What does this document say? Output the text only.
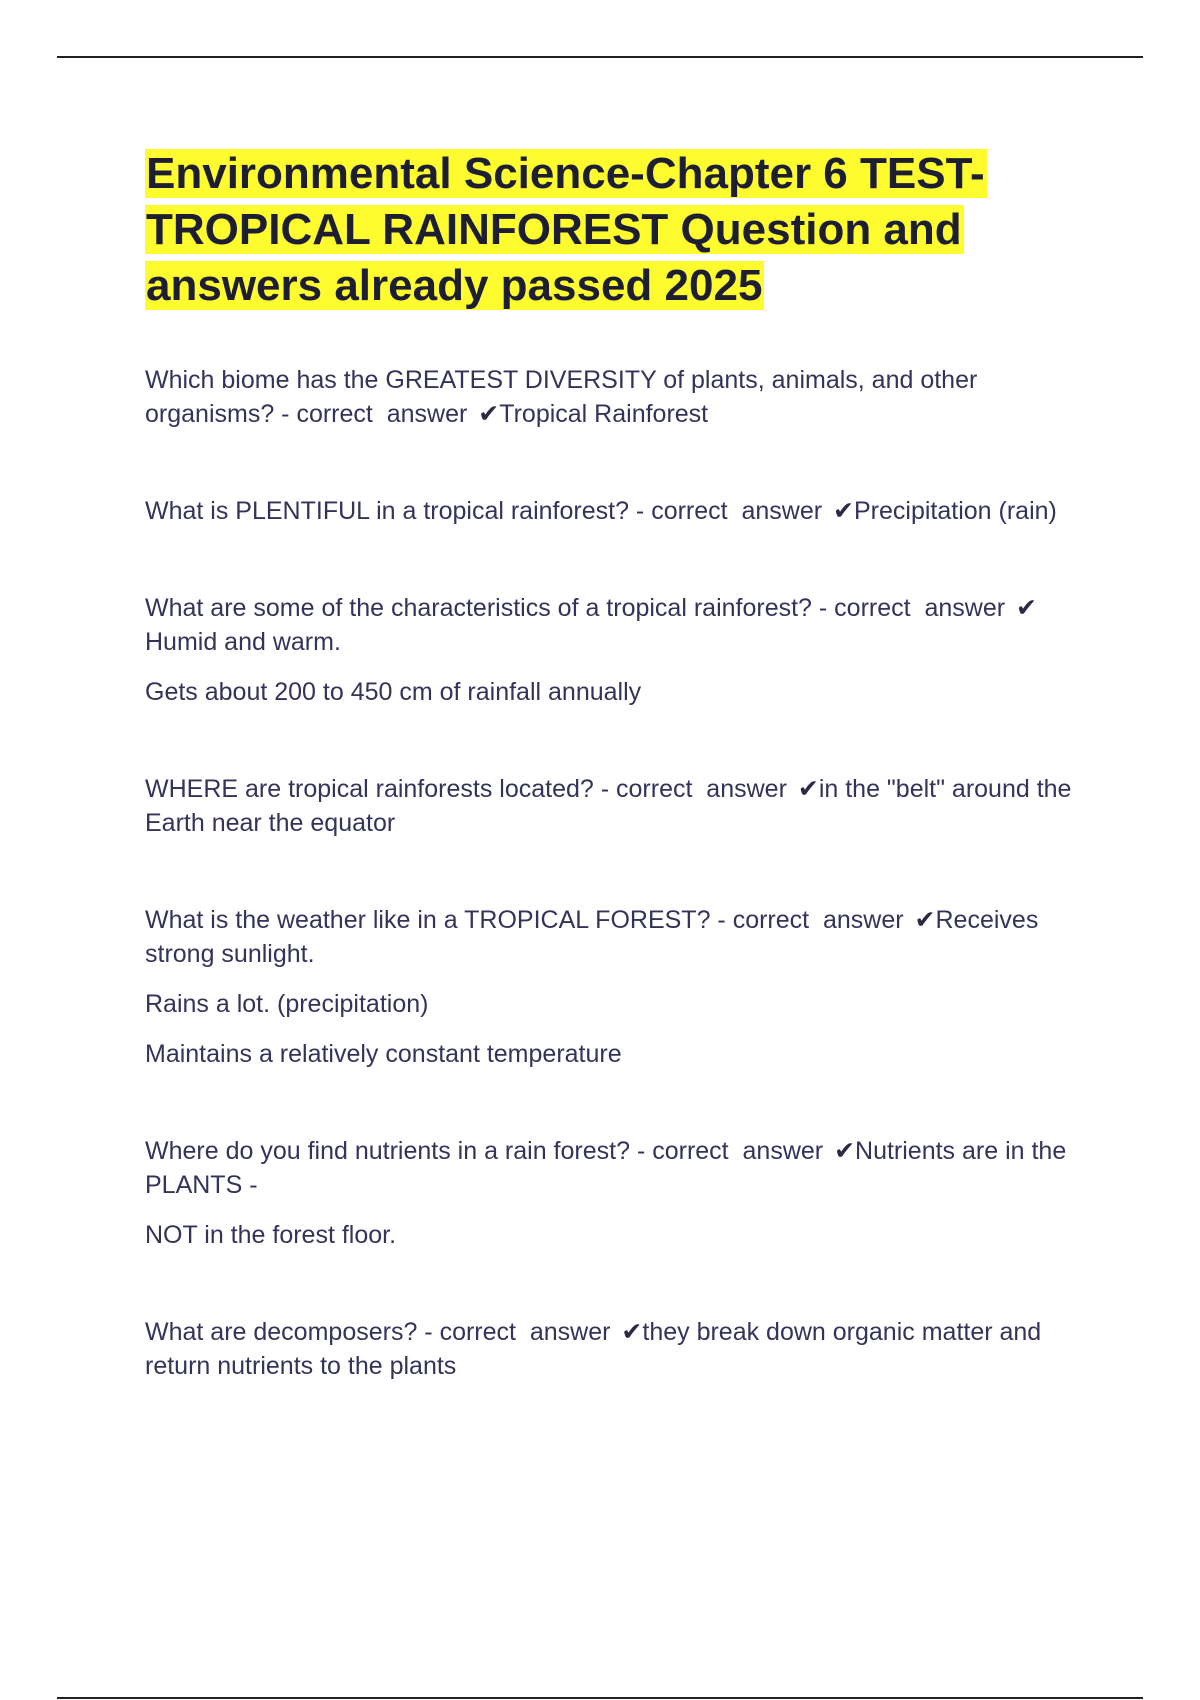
Environmental Science-Chapter 6 TEST-TROPICAL RAINFOREST Question and answers already passed 2025

Which biome has the GREATEST DIVERSITY of plants, animals, and other organisms? - correct  answer ✔Tropical Rainforest

What is PLENTIFUL in a tropical rainforest? - correct  answer ✔Precipitation (rain)

What are some of the characteristics of a tropical rainforest? - correct  answer ✔Humid and warm.

Gets about 200 to 450 cm of rainfall annually

WHERE are tropical rainforests located? - correct  answer ✔in the "belt" around the Earth near the equator

What is the weather like in a TROPICAL FOREST? - correct  answer ✔Receives strong sunlight.

Rains a lot. (precipitation)

Maintains a relatively constant temperature

Where do you find nutrients in a rain forest? - correct  answer ✔Nutrients are in the PLANTS -

NOT in the forest floor.

What are decomposers? - correct  answer ✔they break down organic matter and return nutrients to the plants
